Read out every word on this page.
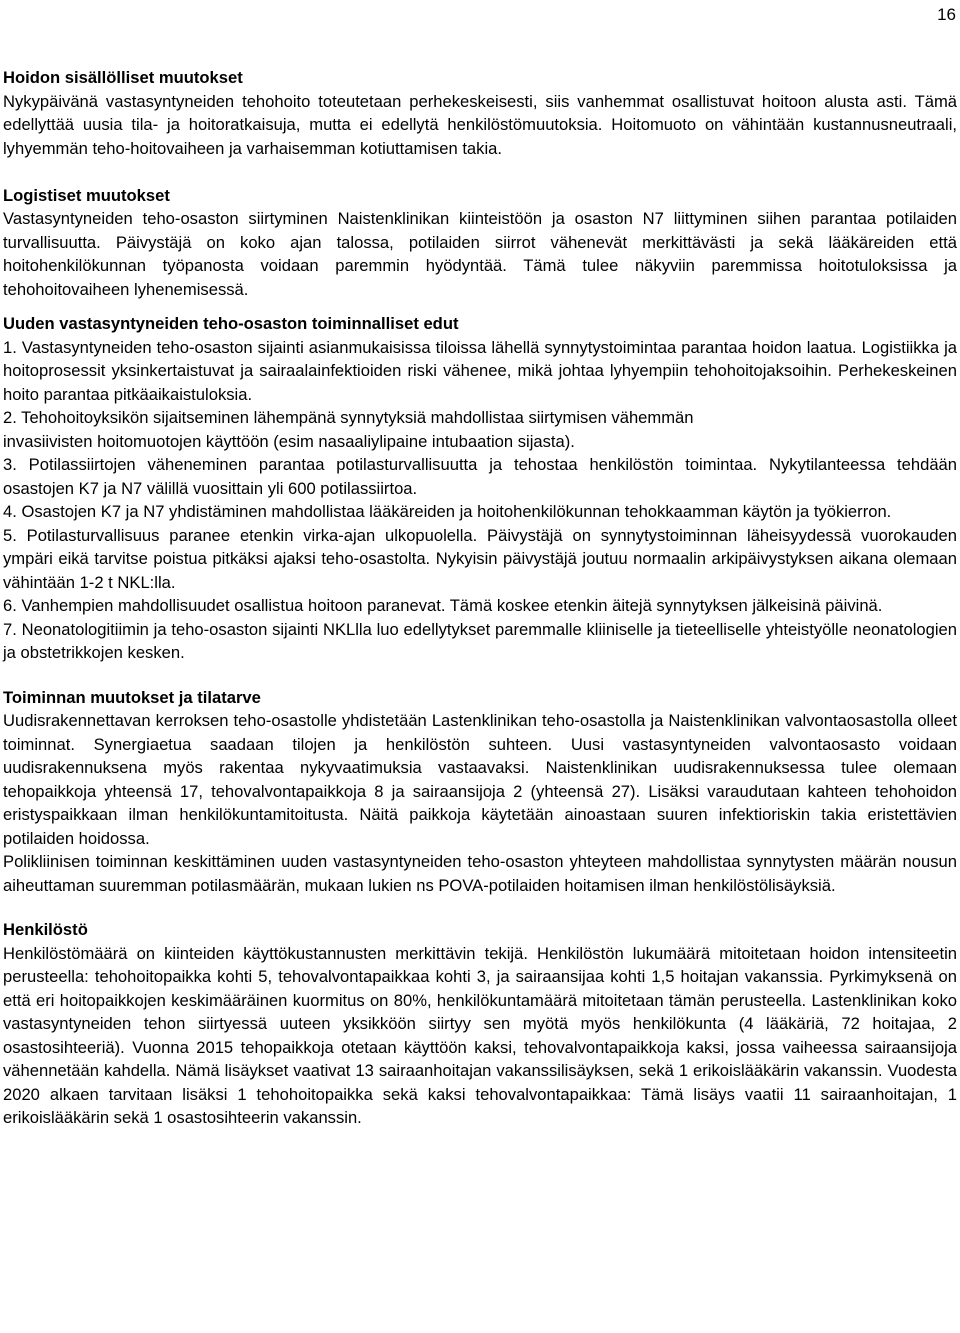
16
Hoidon sisällölliset muutokset

Nykypäivänä vastasyntyneiden tehohoito toteutetaan perhekeskeisesti, siis vanhemmat osallistuvat hoitoon alusta asti. Tämä edellyttää uusia tila- ja hoitoratkaisuja, mutta ei edellytä henkilöstömuutoksia. Hoitomuoto on vähintään kustannusneutraali, lyhyemmän teho-hoitovaiheen ja varhaisemman kotiuttamisen takia.

Logistiset muutokset

Vastasyntyneiden teho-osaston siirtyminen Naistenklinikan kiinteistöön ja osaston N7 liittyminen siihen parantaa potilaiden turvallisuutta. Päivystäjä on koko ajan talossa, potilaiden siirrot vähenevät merkittävästi ja sekä lääkäreiden että hoitohenkilökunnan työpanosta voidaan paremmin hyödyntää. Tämä tulee näkyviin paremmissa hoitotuloksissa ja tehohoitovaiheen lyhenemisessä.

Uuden vastasyntyneiden teho-osaston toiminnalliset edut

1. Vastasyntyneiden teho-osaston sijainti asianmukaisissa tiloissa lähellä synnytystoimintaa parantaa hoidon laatua. Logistiikka ja hoitoprosessit yksinkertaistuvat ja sairaalainfektioiden riski vähenee, mikä johtaa lyhyempiin tehohoitojaksoihin. Perhekeskeinen hoito parantaa pitkäaikaistuloksia.

2. Tehohoitoyksikön sijaitseminen lähempänä synnytyksiä mahdollistaa siirtymisen vähemmän invasiivisten hoitomuotojen käyttöön (esim nasaaliylipaine intubaation sijasta).

3. Potilassiirtojen väheneminen parantaa potilasturvallisuutta ja tehostaa henkilöstön toimintaa. Nykytilanteessa tehdään osastojen K7 ja N7 välillä vuosittain yli 600 potilassiirtoa.

4. Osastojen K7 ja N7 yhdistäminen mahdollistaa lääkäreiden ja hoitohenkilökunnan tehokkaamman käytön ja työkierron.

5. Potilasturvallisuus paranee etenkin virka-ajan ulkopuolella. Päivystäjä on synnytystoiminnan läheisyydessä vuorokauden ympäri eikä tarvitse poistua pitkäksi ajaksi teho-osastolta. Nykyisin päivystäjä joutuu normaalin arkipäivystyksen aikana olemaan vähintään 1-2 t NKL:lla.

6. Vanhempien mahdollisuudet osallistua hoitoon paranevat. Tämä koskee etenkin äitejä synnytyksen jälkeisinä päivinä.

7. Neonatologitiimin ja teho-osaston sijainti NKLlla luo edellytykset paremmalle kliiniselle ja tieteelliselle yhteistyölle neonatologien ja obstetrikkojen kesken.

Toiminnan muutokset ja tilatarve

Uudisrakennettavan kerroksen teho-osastolle yhdistetään Lastenklinikan teho-osastolla ja Naistenklinikan valvontaosastolla olleet toiminnat. Synergiaetua saadaan tilojen ja henkilöstön suhteen. Uusi vastasyntyneiden valvontaosasto voidaan uudisrakennuksena myös rakentaa nykyvaatimuksia vastaavaksi. Naistenklinikan uudisrakennuksessa tulee olemaan tehopaikkoja yhteensä 17, tehovalvontapaikkoja 8 ja sairaansijoja 2 (yhteensä 27). Lisäksi varaudutaan kahteen tehohoidon eristyspaikkaan ilman henkilökuntamitoitusta. Näitä paikkoja käytetään ainoastaan suuren infektioriskin takia eristettävien potilaiden hoidossa.

Polikliinisen toiminnan keskittäminen uuden vastasyntyneiden teho-osaston yhteyteen mahdollistaa synnytysten määrän nousun aiheuttaman suuremman potilasmäärän, mukaan lukien ns POVA-potilaiden hoitamisen ilman henkilöstölisäyksiä.

Henkilöstö

Henkilöstömäärä on kiinteiden käyttökustannusten merkittävin tekijä. Henkilöstön lukumäärä mitoitetaan hoidon intensiteetin perusteella: tehohoitopaikka kohti 5, tehovalvontapaikkaa kohti 3, ja sairaansijaa kohti 1,5 hoitajan vakanssia. Pyrkimyksenä on että eri hoitopaikkojen keskimääräinen kuormitus on 80%, henkilökuntamäärä mitoitetaan tämän perusteella. Lastenklinikan koko vastasyntyneiden tehon siirtyessä uuteen yksikköön siirtyy sen myötä myös henkilökunta (4 lääkäriä, 72 hoitajaa, 2 osastosihteeriä). Vuonna 2015 tehopaikkoja otetaan käyttöön kaksi, tehovalvontapaikkoja kaksi, jossa vaiheessa sairaansijoja vähennetään kahdella. Nämä lisäykset vaativat 13 sairaanhoitajan vakanssilisäyksen, sekä 1 erikoislääkärin vakanssin. Vuodesta 2020 alkaen tarvitaan lisäksi 1 tehohoitopaikka sekä kaksi tehovalvontapaikkaa: Tämä lisäys vaatii 11 sairaanhoitajan, 1 erikoislääkärin sekä 1 osastosihteerin vakanssin.
